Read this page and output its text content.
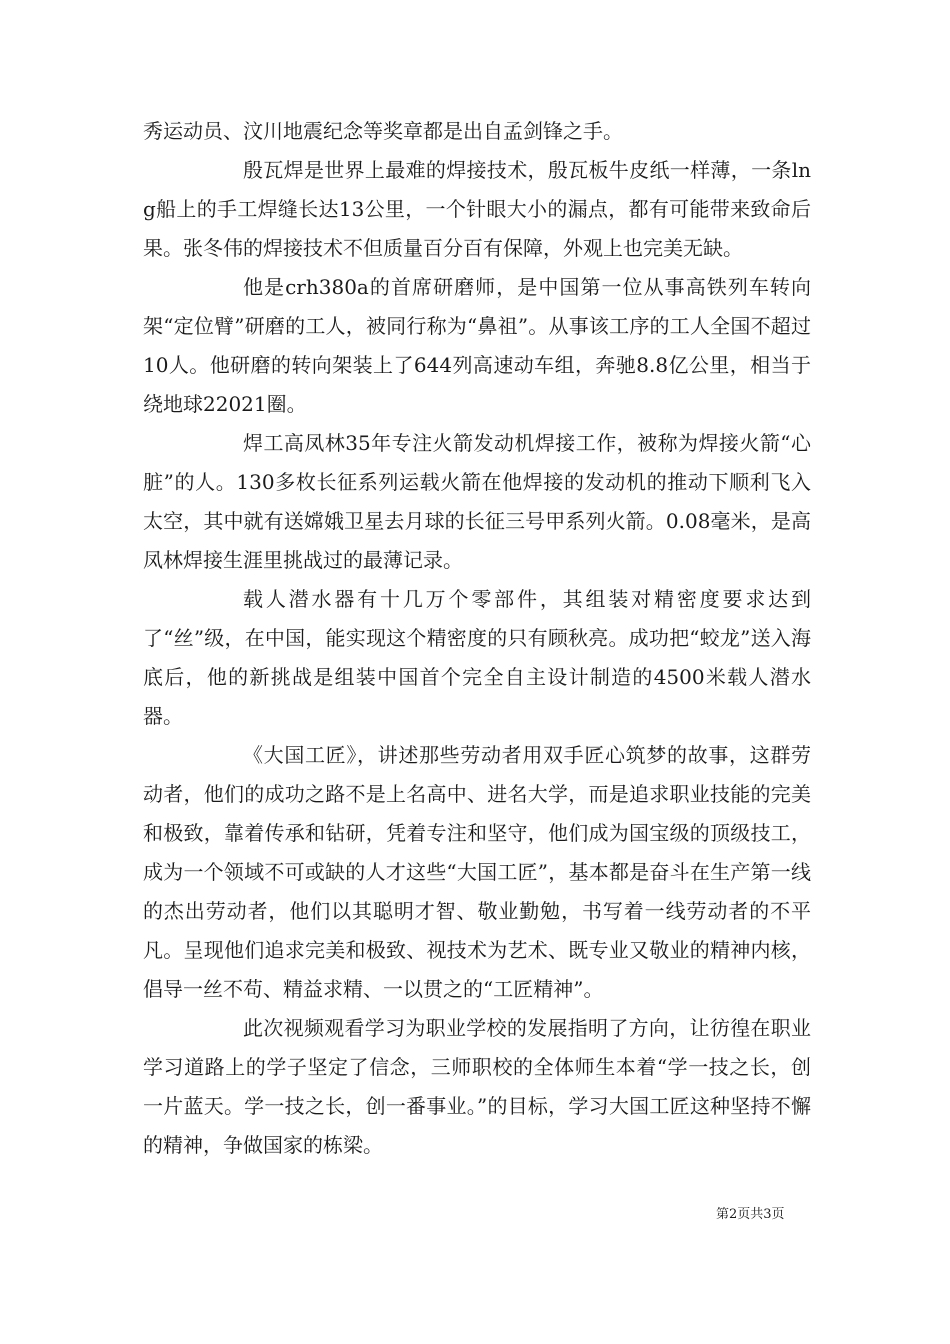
秀运动员、汶川地震纪念等奖章都是出自孟剑锋之手。

殷瓦焊是世界上最难的焊接技术，殷瓦板牛皮纸一样薄，一条lng船上的手工焊缝长达13公里，一个针眼大小的漏点，都有可能带来致命后果。张冬伟的焊接技术不但质量百分百有保障，外观上也完美无缺。

他是crh380a的首席研磨师，是中国第一位从事高铁列车转向架“定位臂”研磨的工人，被同行称为“鼻祖”。从事该工序的工人全国不超过10人。他研磨的转向架装上了644列高速动车组，奔驰8.8亿公里，相当于绕地球22021圈。

焊工高凤林35年专注火箭发动机焊接工作，被称为焊接火箭“心脏”的人。130多枚长征系列运载火箭在他焊接的发动机的推动下顺利飞入太空，其中就有送嫦娥卫星去月球的长征三号甲系列火箭。0.08毫米，是高凤林焊接生涯里挑战过的最薄记录。

载人潜水器有十几万个零部件，其组装对精密度要求达到了“丝”级，在中国，能实现这个精密度的只有顾秋亮。成功把“蛟龙”送入海底后，他的新挑战是组装中国首个完全自主设计制造的4500米载人潜水器。

《大国工匠》，讲述那些劳动者用双手匠心筑梦的故事，这群劳动者，他们的成功之路不是上名高中、进名大学，而是追求职业技能的完美和极致，靠着传承和钻研，凭着专注和坚守，他们成为国宝级的顶级技工，成为一个领域不可或缺的人才这些“大国工匠”，基本都是奋斗在生产第一线的杰出劳动者，他们以其聪明才智、敬业勤勉，书写着一线劳动者的不平凡。呈现他们追求完美和极致、视技术为艺术、既专业又敬业的精神内核，倡导一丝不苟、精益求精、一以贯之的“工匠精神”。

此次视频观看学习为职业学校的发展指明了方向，让彷徨在职业学习道路上的学子坚定了信念，三师职校的全体师生本着“学一技之长，创一片蓝天。学一技之长，创一番事业。”的目标，学习大国工匠这种坚持不懈的精神，争做国家的栋梁。

第2页共3页
